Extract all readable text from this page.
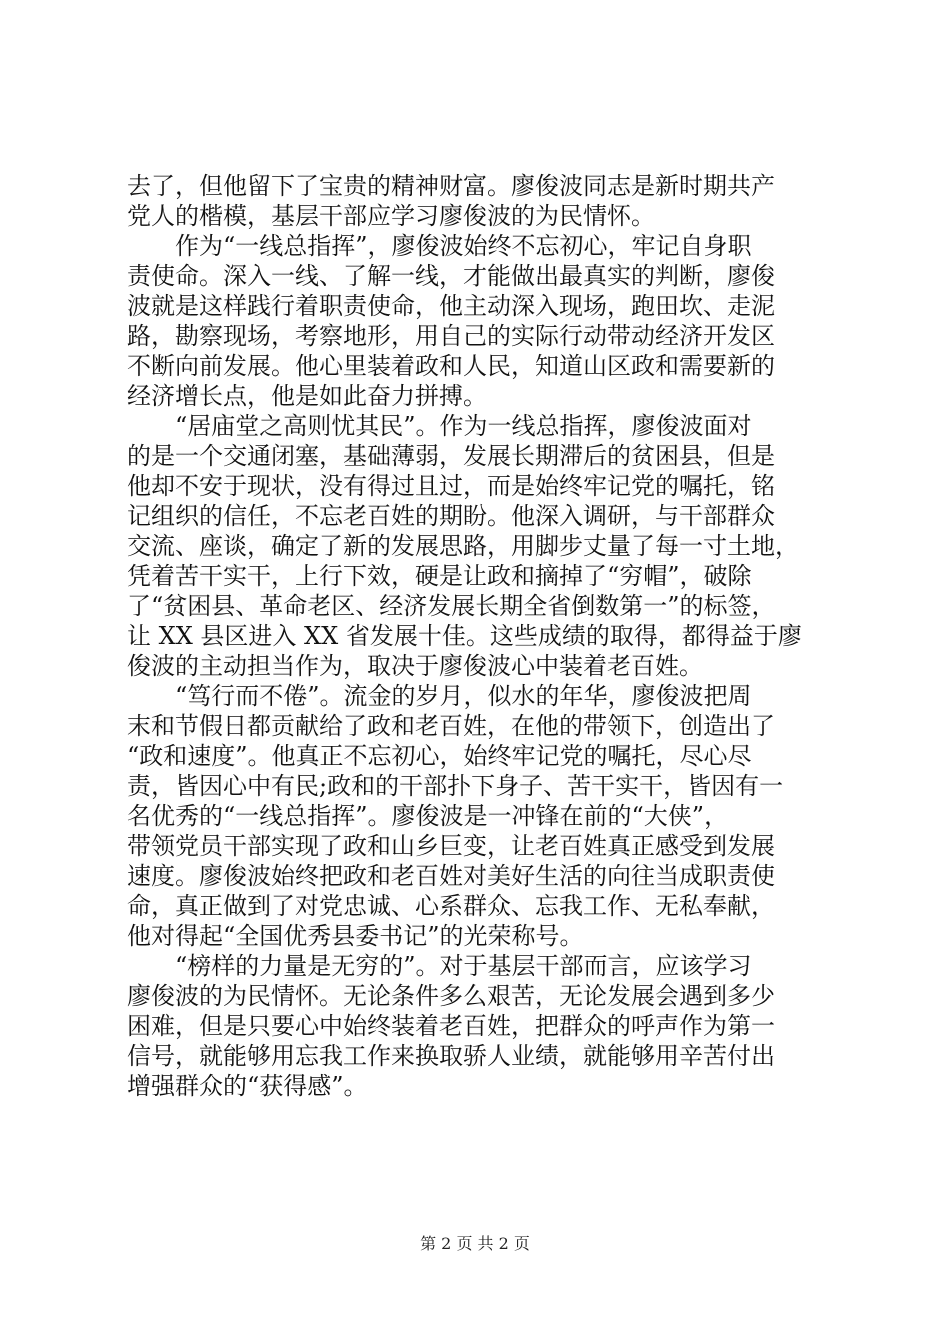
去了，但他留下了宝贵的精神财富。廖俊波同志是新时期共产
党人的楷模，基层干部应学习廖俊波的为民情怀。
　　作为“一线总指挥”，廖俊波始终不忘初心，牢记自身职
责使命。深入一线、了解一线，才能做出最真实的判断，廖俊
波就是这样践行着职责使命，他主动深入现场，跑田坎、走泥
路，勘察现场，考察地形，用自己的实际行动带动经济开发区
不断向前发展。他心里装着政和人民，知道山区政和需要新的
经济增长点，他是如此奋力拼搏。
　　“居庙堂之高则忧其民”。作为一线总指挥，廖俊波面对
的是一个交通闭塞，基础薄弱，发展长期滞后的贫困县，但是
他却不安于现状，没有得过且过，而是始终牢记党的嘱托，铭
记组织的信任，不忘老百姓的期盼。他深入调研，与干部群众
交流、座谈，确定了新的发展思路，用脚步丈量了每一寸土地，
凭着苦干实干，上行下效，硬是让政和摘掉了“穷帽”，破除
了“贫困县、革命老区、经济发展长期全省倒数第一”的标签，
让 XX 县区进入 XX 省发展十佳。这些成绩的取得，都得益于廖
俊波的主动担当作为，取决于廖俊波心中装着老百姓。
　　“笃行而不倦”。流金的岁月，似水的年华，廖俊波把周
末和节假日都贡献给了政和老百姓，在他的带领下，创造出了
“政和速度”。他真正不忘初心，始终牢记党的嘱托，尽心尽
责，皆因心中有民;政和的干部扑下身子、苦干实干，皆因有一
名优秀的“一线总指挥”。廖俊波是一冲锋在前的“大侠”，
带领党员干部实现了政和山乡巨变，让老百姓真正感受到发展
速度。廖俊波始终把政和老百姓对美好生活的向往当成职责使
命，真正做到了对党忠诚、心系群众、忘我工作、无私奉献，
他对得起“全国优秀县委书记”的光荣称号。
　　“榜样的力量是无穷的”。对于基层干部而言，应该学习
廖俊波的为民情怀。无论条件多么艰苦，无论发展会遇到多少
困难，但是只要心中始终装着老百姓，把群众的呼声作为第一
信号，就能够用忘我工作来换取骄人业绩，就能够用辛苦付出
增强群众的“获得感”。
第 2 页 共 2 页
